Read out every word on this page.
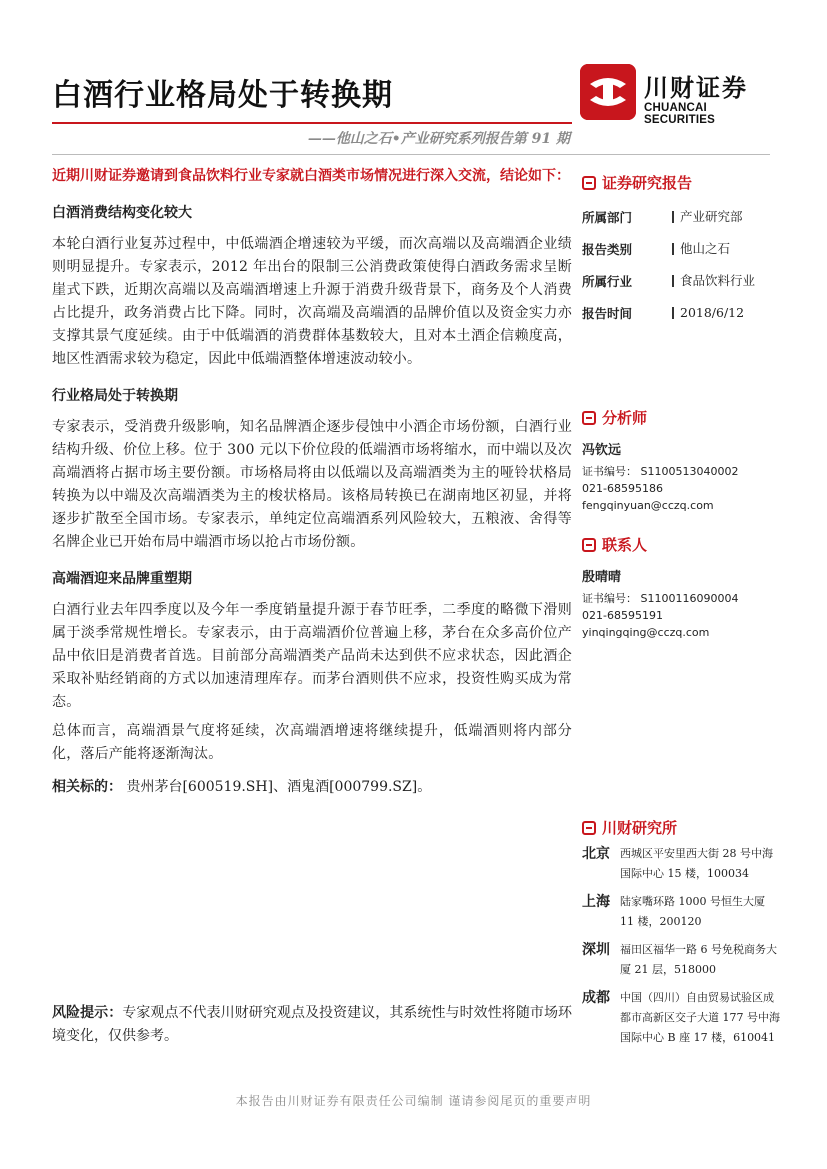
白酒行业格局处于转换期	川财证券
CHUANCAI SECURITIES
——他山之石•产业研究系列报告第 91 期
近期川财证券邀请到食品饮料行业专家就白酒类市场情况进行深入交流，结论如下：
白酒消费结构变化较大
本轮白酒行业复苏过程中，中低端酒企增速较为平缓，而次高端以及高端酒企业绩则明显提升。专家表示，2012 年出台的限制三公消费政策使得白酒政务需求呈断崖式下跌，近期次高端以及高端酒增速上升源于消费升级背景下，商务及个人消费占比提升，政务消费占比下降。同时，次高端及高端酒的品牌价值以及资金实力亦支撑其景气度延续。由于中低端酒的消费群体基数较大，且对本土酒企信赖度高，地区性酒需求较为稳定，因此中低端酒整体增速波动较小。
行业格局处于转换期
专家表示，受消费升级影响，知名品牌酒企逐步侵蚀中小酒企市场份额，白酒行业结构升级、价位上移。位于 300 元以下价位段的低端酒市场将缩水，而中端以及次高端酒将占据市场主要份额。市场格局将由以低端以及高端酒类为主的哑铃状格局转换为以中端及次高端酒类为主的梭状格局。该格局转换已在湖南地区初显，并将逐步扩散至全国市场。专家表示，单纯定位高端酒系列风险较大，五粮液、舍得等名牌企业已开始布局中端酒市场以抢占市场份额。
高端酒迎来品牌重塑期
白酒行业去年四季度以及今年一季度销量提升源于春节旺季，二季度的略微下滑则属于淡季常规性增长。专家表示，由于高端酒价位普遍上移，茅台在众多高价位产品中依旧是消费者首选。目前部分高端酒类产品尚未达到供不应求状态，因此酒企采取补贴经销商的方式以加速清理库存。而茅台酒则供不应求，投资性购买成为常态。
总体而言，高端酒景气度将延续，次高端酒增速将继续提升，低端酒则将内部分化，落后产能将逐渐淘汰。
相关标的： 贵州茅台[600519.SH]、酒鬼酒[000799.SZ]。
风险提示：专家观点不代表川财研究观点及投资建议，其系统性与时效性将随市场环境变化，仅供参考。
证券研究报告
所属部门	产业研究部
报告类别	他山之石
所属行业	食品饮料行业
报告时间	2018/6/12
分析师
冯钦远
证书编号： S1100513040002
021-68595186
fengqinyuan@cczq.com
联系人
殷晴晴
证书编号： S1100116090004
021-68595191
yinqingqing@cczq.com
川财研究所
北京 西城区平安里西大街 28 号中海国际中心 15 楼，100034
上海 陆家嘴环路 1000 号恒生大厦 11 楼，200120
深圳 福田区福华一路 6 号免税商务大厦 21 层，518000
成都 中国（四川）自由贸易试验区成都市高新区交子大道 177 号中海国际中心 B 座 17 楼，610041
本报告由川财证券有限责任公司编制 谨请参阅尾页的重要声明
